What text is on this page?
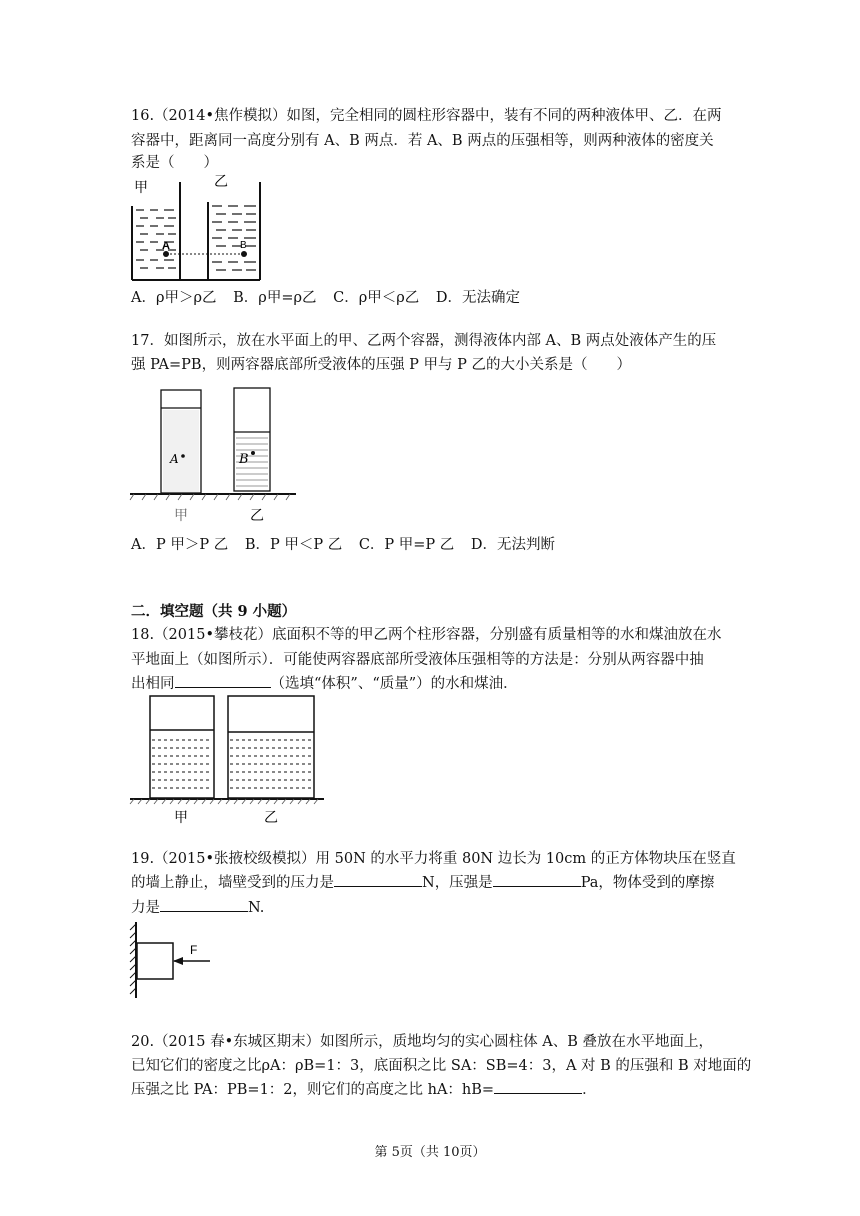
16.（2014•焦作模拟）如图，完全相同的圆柱形容器中，装有不同的两种液体甲、乙．在两
容器中，距离同一高度分别有 A、B 两点．若 A、B 两点的压强相等，则两种液体的密度关
系是（　　）
甲	乙
A	B
A．ρ甲＞ρ乙 B．ρ甲=ρ乙 C．ρ甲＜ρ乙 D．无法确定
17．如图所示，放在水平面上的甲、乙两个容器，测得液体内部 A、B 两点处液体产生的压
强 PA=PB，则两容器底部所受液体的压强 P 甲与 P 乙的大小关系是（　　）
A	B
甲	乙
A．P 甲＞P 乙 B．P 甲＜P 乙 C．P 甲=P 乙 D．无法判断
二．填空题（共 9 小题）
18.（2015•攀枝花）底面积不等的甲乙两个柱形容器，分别盛有质量相等的水和煤油放在水
平地面上（如图所示）．可能使两容器底部所受液体压强相等的方法是：分别从两容器中抽
出相同	（选填“体积”、“质量”）的水和煤油．
甲	乙
19.（2015•张掖校级模拟）用 50N 的水平力将重 80N 边长为 10cm 的正方体物块压在竖直
的墙上静止，墙壁受到的压力是	N，压强是	Pa，物体受到的摩擦
力是	N.
F
20.（2015 春•东城区期末）如图所示，质地均匀的实心圆柱体 A、B 叠放在水平地面上，
已知它们的密度之比ρA：ρB=1：3，底面积之比 SA：SB=4：3，A 对 B 的压强和 B 对地面的
压强之比 PA：PB=1：2，则它们的高度之比 hA：hB=	．
第 5页（共 10页）
